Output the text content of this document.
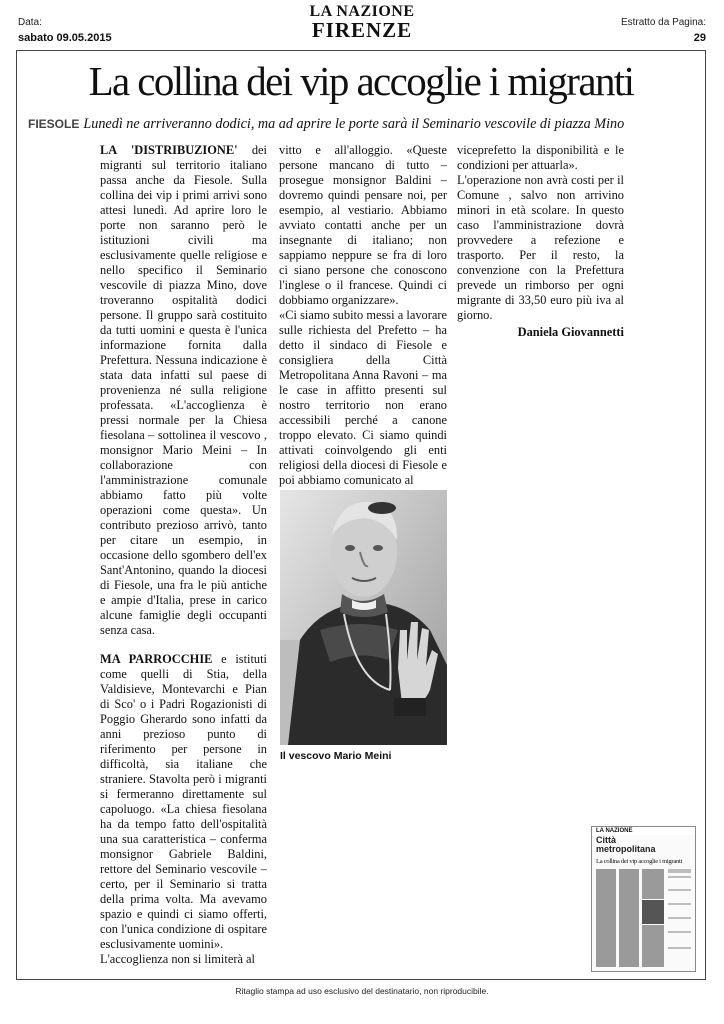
Data:
sabato 09.05.2015
Estratto da Pagina:
29
LA NAZIONE
FIRENZE
La collina dei vip accoglie i migranti
FIESOLE Lunedì ne arriveranno dodici, ma ad aprire le porte sarà il Seminario vescovile di piazza Mino

LA 'DISTRIBUZIONE' dei migranti sul territorio italiano passa anche da Fiesole. Sulla collina dei vip i primi arrivi sono attesi lunedì. Ad aprire loro le porte non saranno però le istituzioni civili ma esclusivamente quelle religiose e nello specifico il Seminario vescovile di piazza Mino, dove troveranno ospitalità dodici persone. Il gruppo sarà costituito da tutti uomini e questa è l'unica informazione fornita dalla Prefettura. Nessuna indicazione è stata data infatti sul paese di provenienza né sulla religione professata. «L'accoglienza è pressi normale per la Chiesa fiesolana – sottolinea il vescovo , monsignor Mario Meini – In collaborazione con l'amministrazione comunale abbiamo fatto più volte operazioni come questa». Un contributo prezioso arrivò, tanto per citare un esempio, in occasione dello sgombero dell'ex Sant'Antonino, quando la diocesi di Fiesole, una fra le più antiche e ampie d'Italia, prese in carico alcune famiglie degli occupanti senza casa.

MA PARROCCHIE e istituti come quelli di Stia, della Valdisieve, Montevarchi e Pian di Sco' o i Padri Rogazionisti di Poggio Gherardo sono infatti da anni prezioso punto di riferimento per persone in difficoltà, sia italiane che straniere. Stavolta però i migranti si fermeranno direttamente sul capoluogo. «La chiesa fiesolana ha da tempo fatto dell'ospitalità una sua caratteristica – conferma monsignor Gabriele Baldini, rettore del Seminario vescovile – certo, per il Seminario si tratta della prima volta. Ma avevamo spazio e quindi ci siamo offerti, con l'unica condizione di ospitare esclusivamente uomini».

L'accoglienza non si limiterà al

vitto e all'alloggio. «Queste persone mancano di tutto – prosegue monsignor Baldini – dovremo quindi pensare noi, per esempio, al vestiario. Abbiamo avviato contatti anche per un insegnante di italiano; non sappiamo neppure se fra di loro ci siano persone che conoscono l'inglese o il francese. Quindi ci dobbiamo organizzare».

«Ci siamo subito messi a lavorare sulle richiesta del Prefetto – ha detto il sindaco di Fiesole e consigliera della Città Metropolitana Anna Ravoni – ma le case in affitto presenti sul nostro territorio non erano accessibili perché a canone troppo elevato. Ci siamo quindi attivati coinvolgendo gli enti religiosi della diocesi di Fiesole e poi abbiamo comunicato al

viceprefetto la disponibilità e le condizioni per attuarla».

L'operazione non avrà costi per il Comune , salvo non arrivino minori in età scolare. In questo caso l'amministrazione dovrà provvedere a refezione e trasporto. Per il resto, la convenzione con la Prefettura prevede un rimborso per ogni migrante di 33,50 euro più iva al giorno.

Daniela Giovannetti

Il vescovo Mario Meini
LA NAZIONE
Città
metropolitana
La collina dei vip accoglie i migranti
Ritaglio stampa ad uso esclusivo del destinatario, non riproducibile.
